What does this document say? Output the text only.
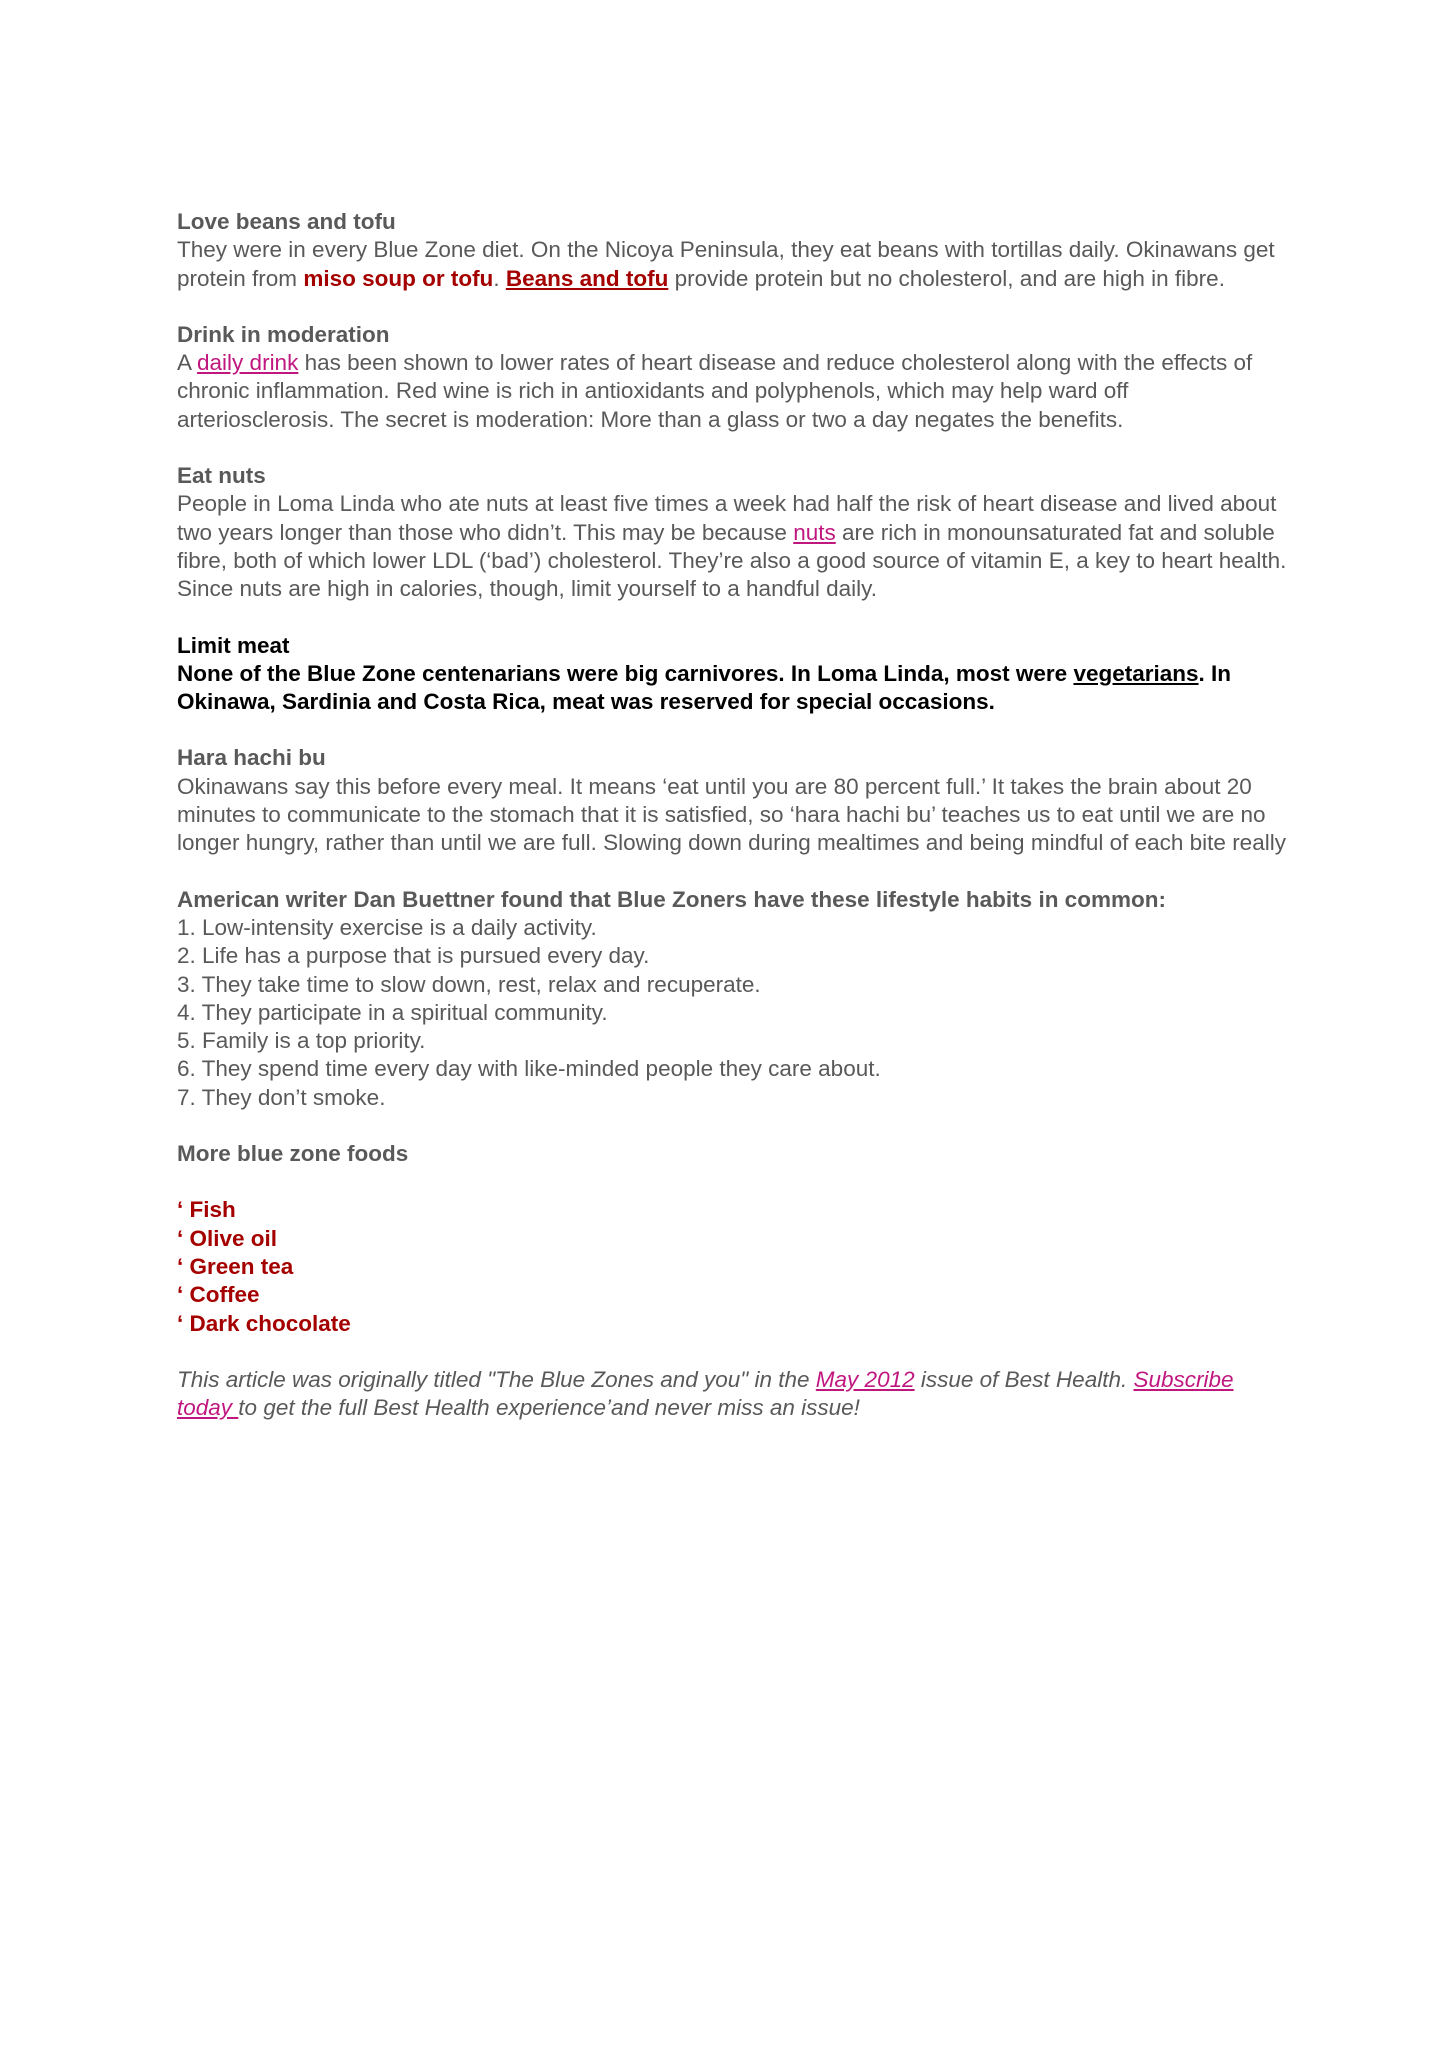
Love beans and tofu

They were in every Blue Zone diet. On the Nicoya Peninsula, they eat beans with tortillas daily. Okinawans get protein from miso soup or tofu. Beans and tofu provide protein but no cholesterol, and are high in fibre.

Drink in moderation

A daily drink has been shown to lower rates of heart disease and reduce cholesterol along with the effects of chronic inflammation. Red wine is rich in antioxidants and polyphenols, which may help ward off arteriosclerosis. The secret is moderation: More than a glass or two a day negates the benefits.

Eat nuts

People in Loma Linda who ate nuts at least five times a week had half the risk of heart disease and lived about two years longer than those who didn’t. This may be because nuts are rich in monounsaturated fat and soluble fibre, both of which lower LDL (‘bad’) cholesterol. They’re also a good source of vitamin E, a key to heart health. Since nuts are high in calories, though, limit yourself to a handful daily.

Limit meat

None of the Blue Zone centenarians were big carnivores. In Loma Linda, most were vegetarians. In Okinawa, Sardinia and Costa Rica, meat was reserved for special occasions.

Hara hachi bu

Okinawans say this before every meal. It means ‘eat until you are 80 percent full.’ It takes the brain about 20 minutes to communicate to the stomach that it is satisfied, so ‘hara hachi bu’ teaches us to eat until we are no longer hungry, rather than until we are full. Slowing down during mealtimes and being mindful of each bite really

American writer Dan Buettner found that Blue Zoners have these lifestyle habits in common:
1. Low-intensity exercise is a daily activity.
2. Life has a purpose that is pursued every day.
3. They take time to slow down, rest, relax and recuperate.
4. They participate in a spiritual community.
5. Family is a top priority.
6. They spend time every day with like-minded people they care about.
7. They don’t smoke.
More blue zone foods
‘ Fish
‘ Olive oil
‘ Green tea
‘ Coffee
‘ Dark chocolate

This article was originally titled "The Blue Zones and you" in the May 2012 issue of Best Health. Subscribe today to get the full Best Health experience’and never miss an issue!
